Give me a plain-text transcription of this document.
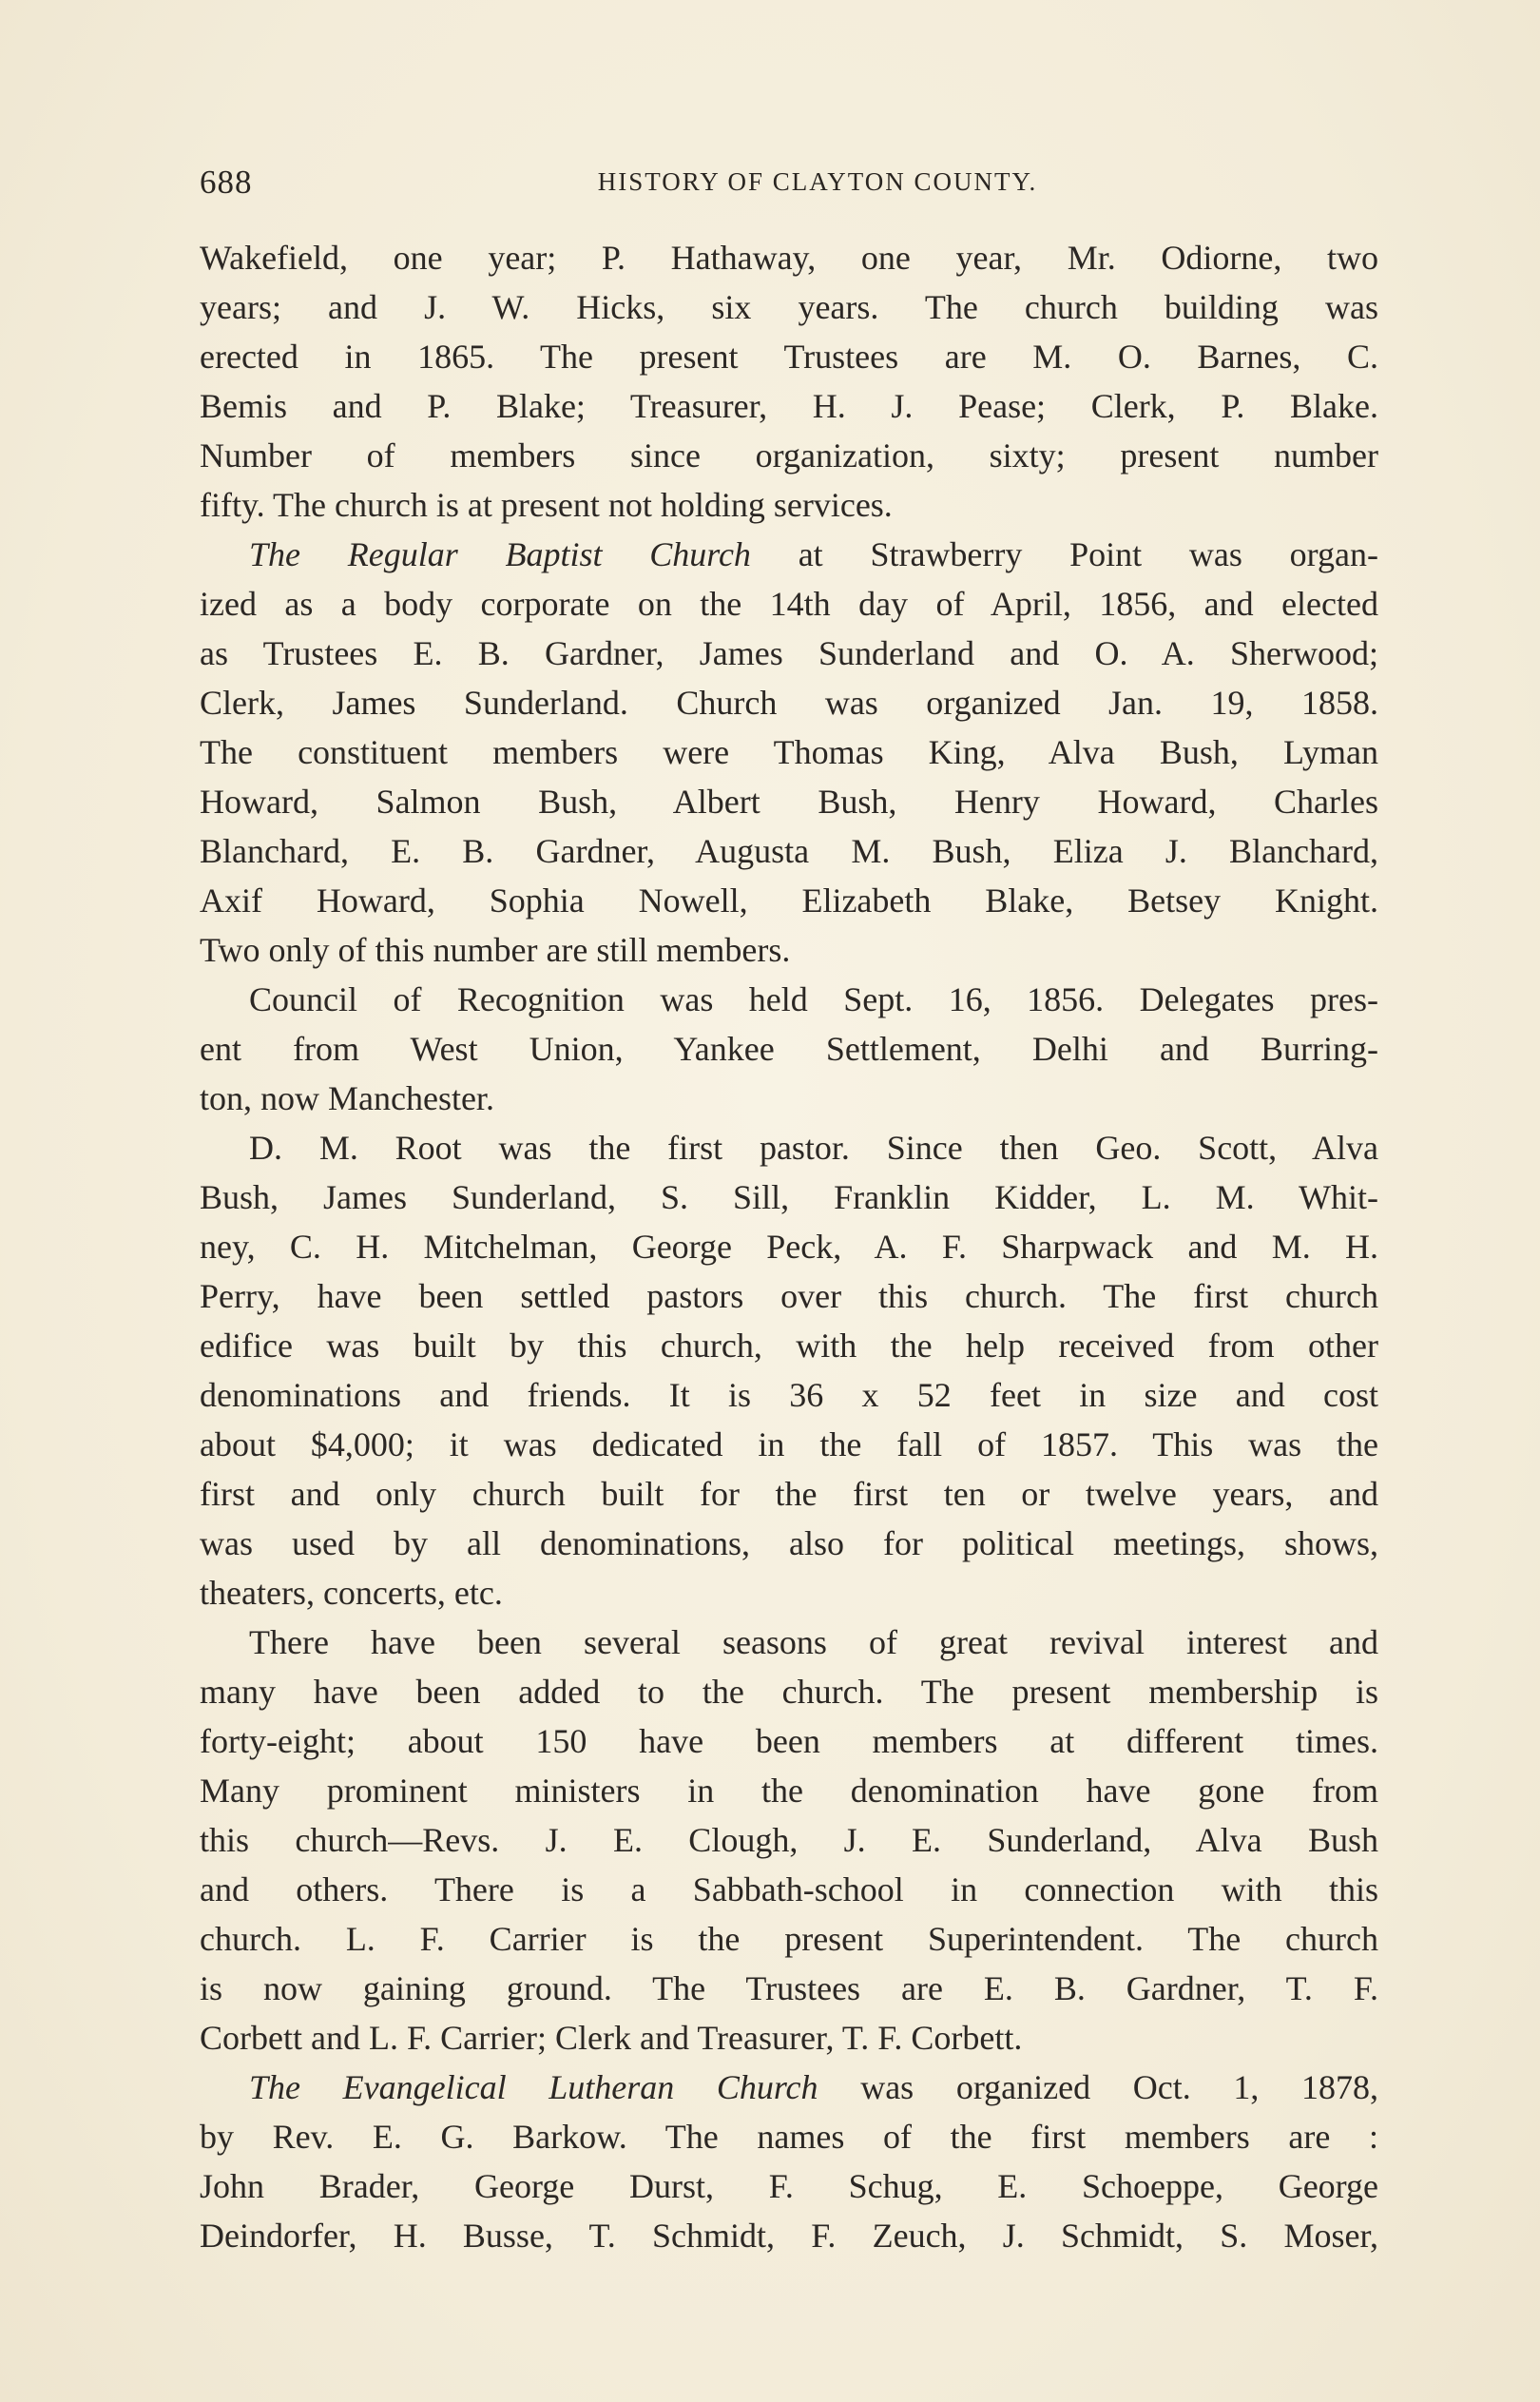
688	HISTORY OF CLAYTON COUNTY.
Wakefield, one year; P. Hathaway, one year, Mr. Odiorne, two
years; and J. W. Hicks, six years. The church building was
erected in 1865. The present Trustees are M. O. Barnes, C.
Bemis and P. Blake; Treasurer, H. J. Pease; Clerk, P. Blake.
Number of members since organization, sixty; present number
fifty. The church is at present not holding services.
The Regular Baptist Church at Strawberry Point was organ-
ized as a body corporate on the 14th day of April, 1856, and elected
as Trustees E. B. Gardner, James Sunderland and O. A. Sherwood;
Clerk, James Sunderland. Church was organized Jan. 19, 1858.
The constituent members were Thomas King, Alva Bush, Lyman
Howard, Salmon Bush, Albert Bush, Henry Howard, Charles
Blanchard, E. B. Gardner, Augusta M. Bush, Eliza J. Blanchard,
Axif Howard, Sophia Nowell, Elizabeth Blake, Betsey Knight.
Two only of this number are still members.
Council of Recognition was held Sept. 16, 1856. Delegates pres-
ent from West Union, Yankee Settlement, Delhi and Burring-
ton, now Manchester.
D. M. Root was the first pastor. Since then Geo. Scott, Alva
Bush, James Sunderland, S. Sill, Franklin Kidder, L. M. Whit-
ney, C. H. Mitchelman, George Peck, A. F. Sharpwack and M. H.
Perry, have been settled pastors over this church. The first church
edifice was built by this church, with the help received from other
denominations and friends. It is 36 x 52 feet in size and cost
about $4,000; it was dedicated in the fall of 1857. This was the
first and only church built for the first ten or twelve years, and
was used by all denominations, also for political meetings, shows,
theaters, concerts, etc.
There have been several seasons of great revival interest and
many have been added to the church. The present membership is
forty-eight; about 150 have been members at different times.
Many prominent ministers in the denomination have gone from
this church—Revs. J. E. Clough, J. E. Sunderland, Alva Bush
and others. There is a Sabbath-school in connection with this
church. L. F. Carrier is the present Superintendent. The church
is now gaining ground. The Trustees are E. B. Gardner, T. F.
Corbett and L. F. Carrier; Clerk and Treasurer, T. F. Corbett.
The Evangelical Lutheran Church was organized Oct. 1, 1878,
by Rev. E. G. Barkow. The names of the first members are :
John Brader, George Durst, F. Schug, E. Schoeppe, George
Deindorfer, H. Busse, T. Schmidt, F. Zeuch, J. Schmidt, S. Moser,
